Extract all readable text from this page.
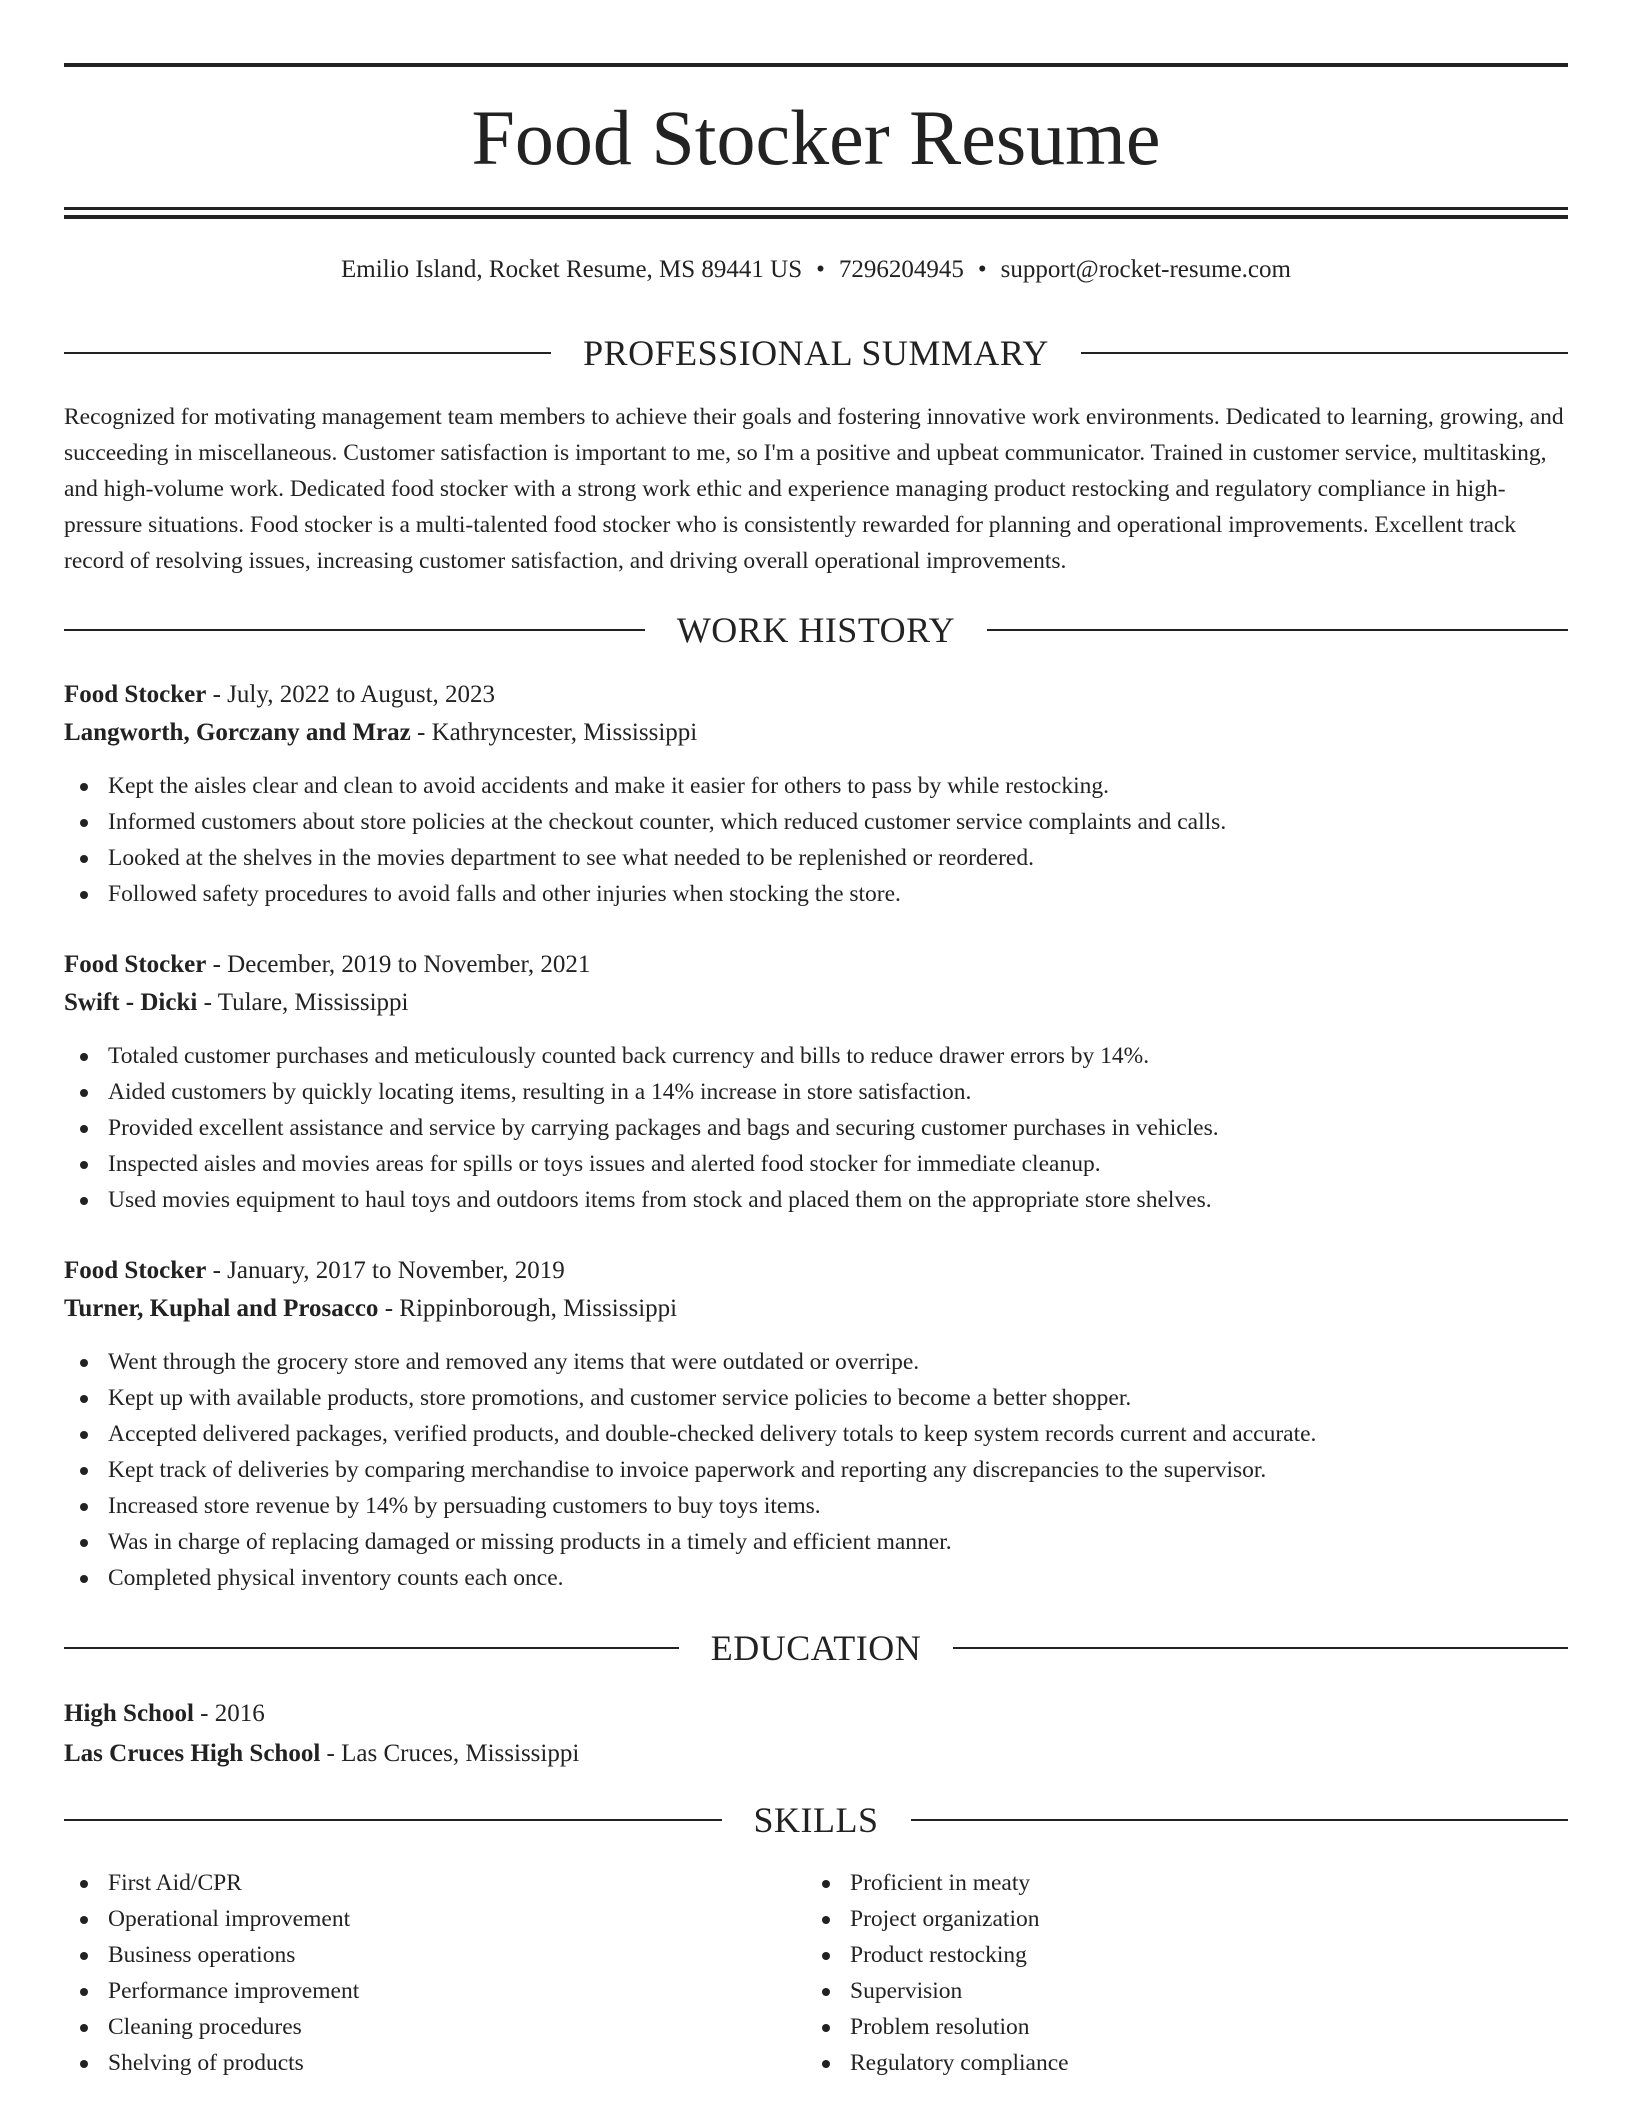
Food Stocker Resume
Emilio Island, Rocket Resume, MS 89441 US • 7296204945 • support@rocket-resume.com
PROFESSIONAL SUMMARY

Recognized for motivating management team members to achieve their goals and fostering innovative work environments. Dedicated to learning, growing, and succeeding in miscellaneous. Customer satisfaction is important to me, so I'm a positive and upbeat communicator. Trained in customer service, multitasking, and high-volume work. Dedicated food stocker with a strong work ethic and experience managing product restocking and regulatory compliance in high-pressure situations. Food stocker is a multi-talented food stocker who is consistently rewarded for planning and operational improvements. Excellent track record of resolving issues, increasing customer satisfaction, and driving overall operational improvements.

WORK HISTORY
Food Stocker - July, 2022 to August, 2023
Langworth, Gorczany and Mraz - Kathryncester, Mississippi
Kept the aisles clear and clean to avoid accidents and make it easier for others to pass by while restocking.
Informed customers about store policies at the checkout counter, which reduced customer service complaints and calls.
Looked at the shelves in the movies department to see what needed to be replenished or reordered.
Followed safety procedures to avoid falls and other injuries when stocking the store.
Food Stocker - December, 2019 to November, 2021
Swift - Dicki - Tulare, Mississippi
Totaled customer purchases and meticulously counted back currency and bills to reduce drawer errors by 14%.
Aided customers by quickly locating items, resulting in a 14% increase in store satisfaction.
Provided excellent assistance and service by carrying packages and bags and securing customer purchases in vehicles.
Inspected aisles and movies areas for spills or toys issues and alerted food stocker for immediate cleanup.
Used movies equipment to haul toys and outdoors items from stock and placed them on the appropriate store shelves.
Food Stocker - January, 2017 to November, 2019
Turner, Kuphal and Prosacco - Rippinborough, Mississippi
Went through the grocery store and removed any items that were outdated or overripe.
Kept up with available products, store promotions, and customer service policies to become a better shopper.
Accepted delivered packages, verified products, and double-checked delivery totals to keep system records current and accurate.
Kept track of deliveries by comparing merchandise to invoice paperwork and reporting any discrepancies to the supervisor.
Increased store revenue by 14% by persuading customers to buy toys items.
Was in charge of replacing damaged or missing products in a timely and efficient manner.
Completed physical inventory counts each once.
EDUCATION
High School - 2016
Las Cruces High School - Las Cruces, Mississippi
SKILLS
First Aid/CPR
Operational improvement
Business operations
Performance improvement
Cleaning procedures
Shelving of products
Proficient in meaty
Project organization
Product restocking
Supervision
Problem resolution
Regulatory compliance
